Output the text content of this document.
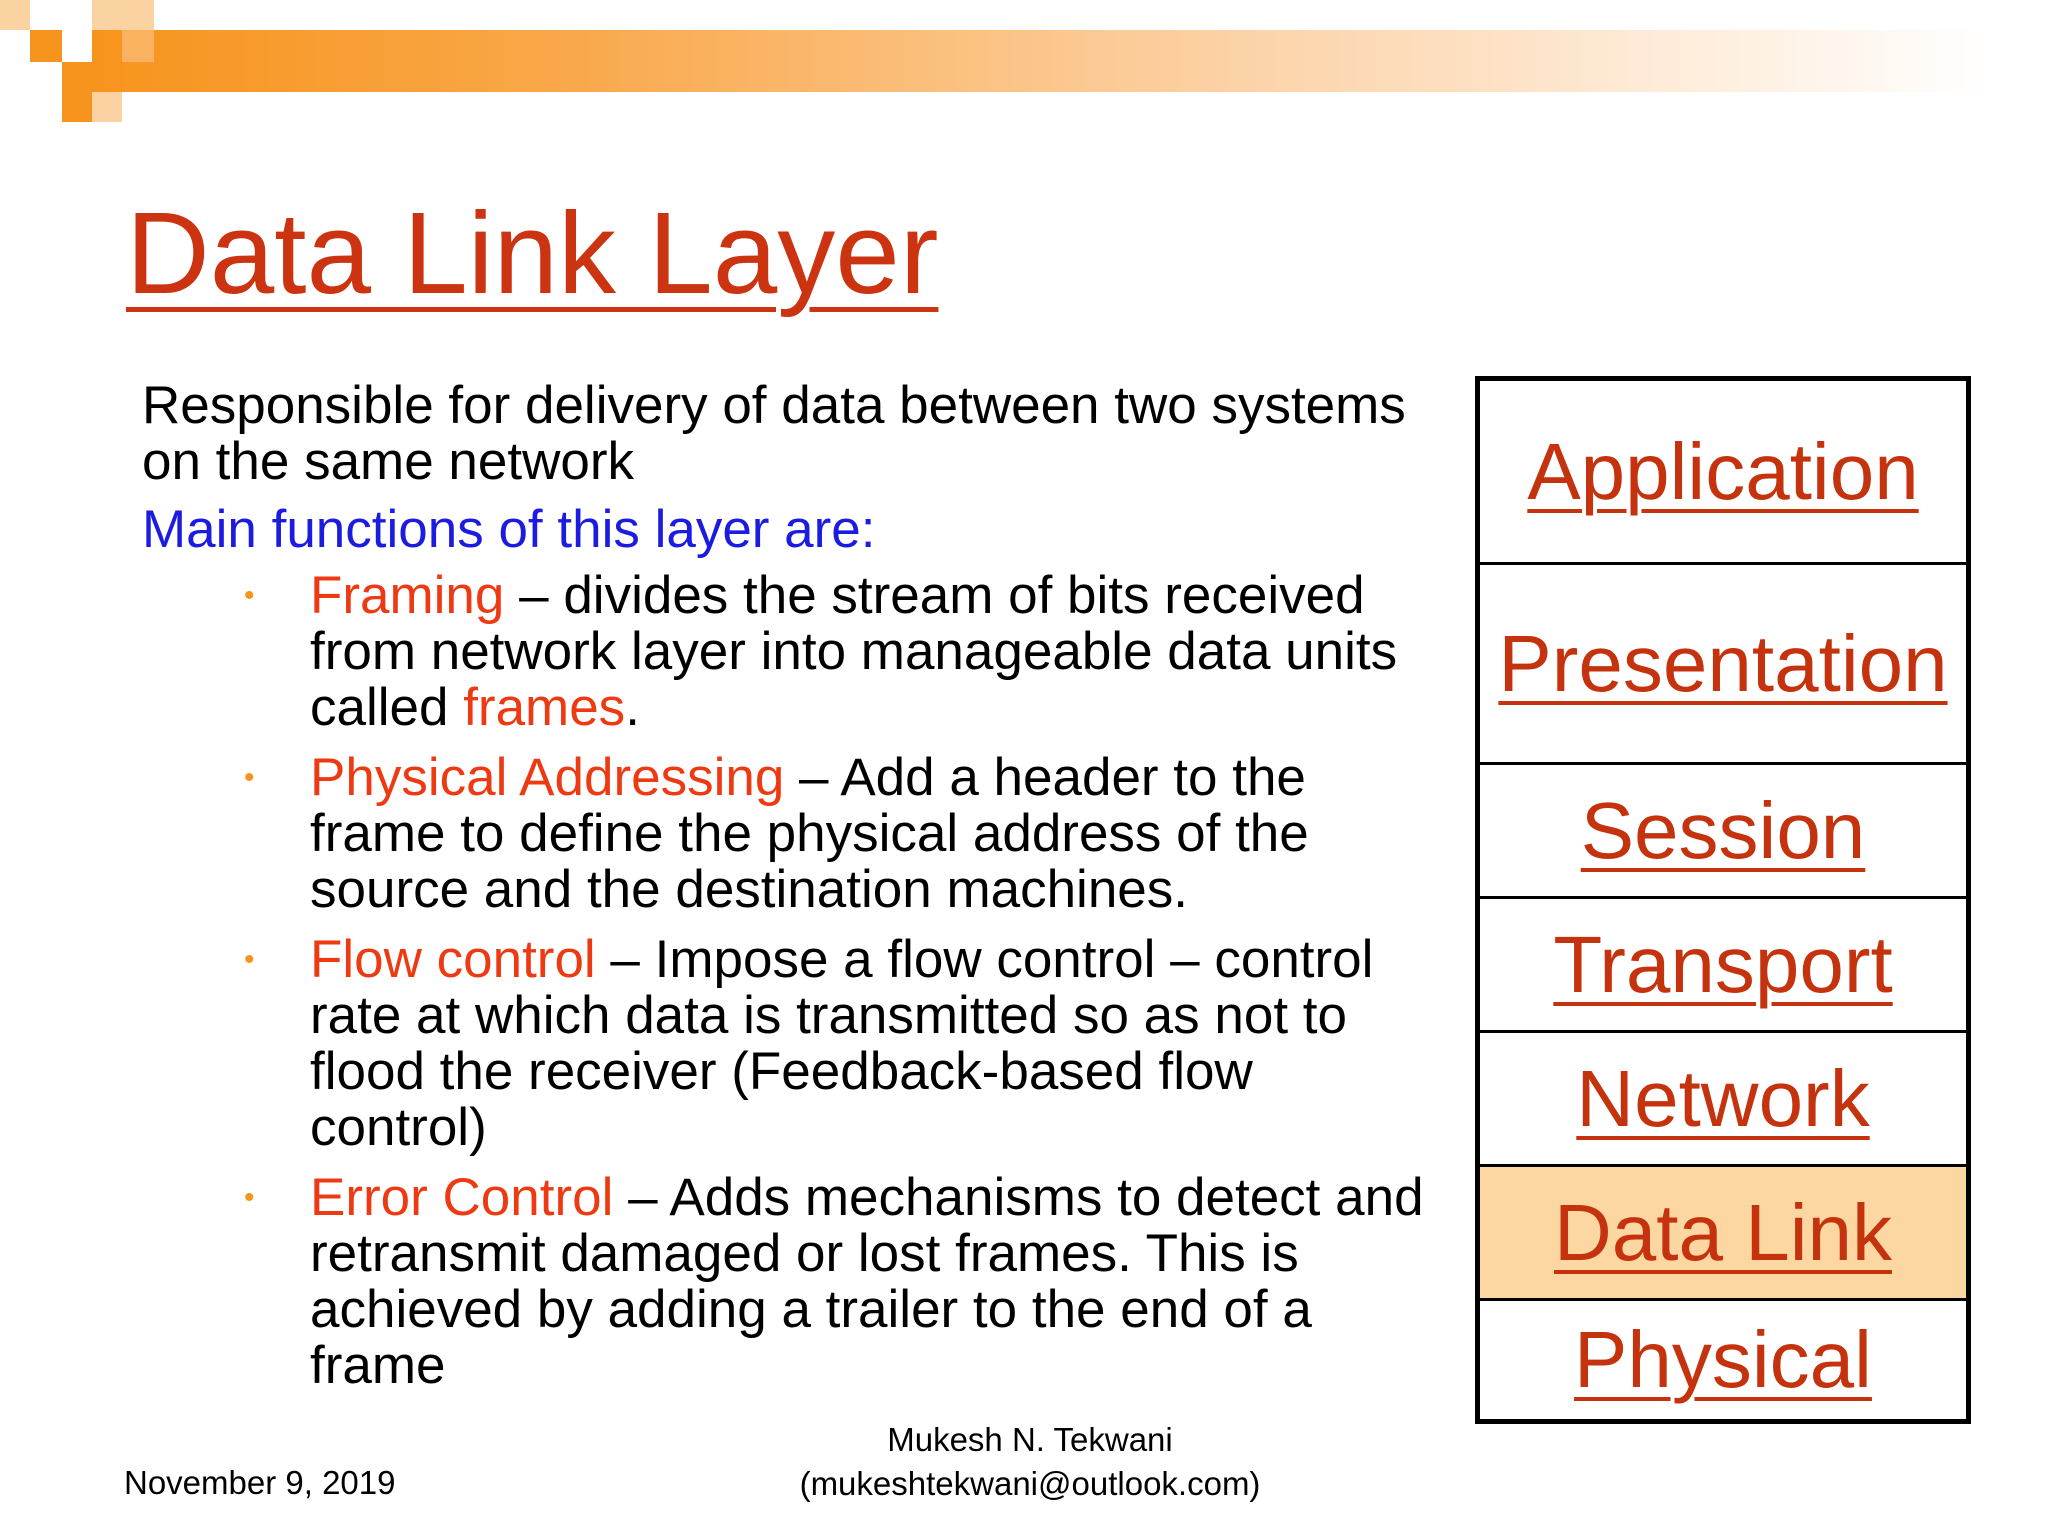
Data Link Layer

Responsible for delivery of data between two systems on the same network

Main functions of this layer are:

• Framing – divides the stream of bits received from network layer into manageable data units called frames.
• Physical Addressing – Add a header to the frame to define the physical address of the source and the destination machines.
• Flow control – Impose a flow control – control rate at which data is transmitted so as not to flood the receiver (Feedback-based flow control)
• Error Control – Adds mechanisms to detect and retransmit damaged or lost frames. This is achieved by adding a trailer to the end of a frame
Application
Presentation
Session
Transport
Network
Data Link
Physical
November 9, 2019
Mukesh N. Tekwani
(mukeshtekwani@outlook.com)
